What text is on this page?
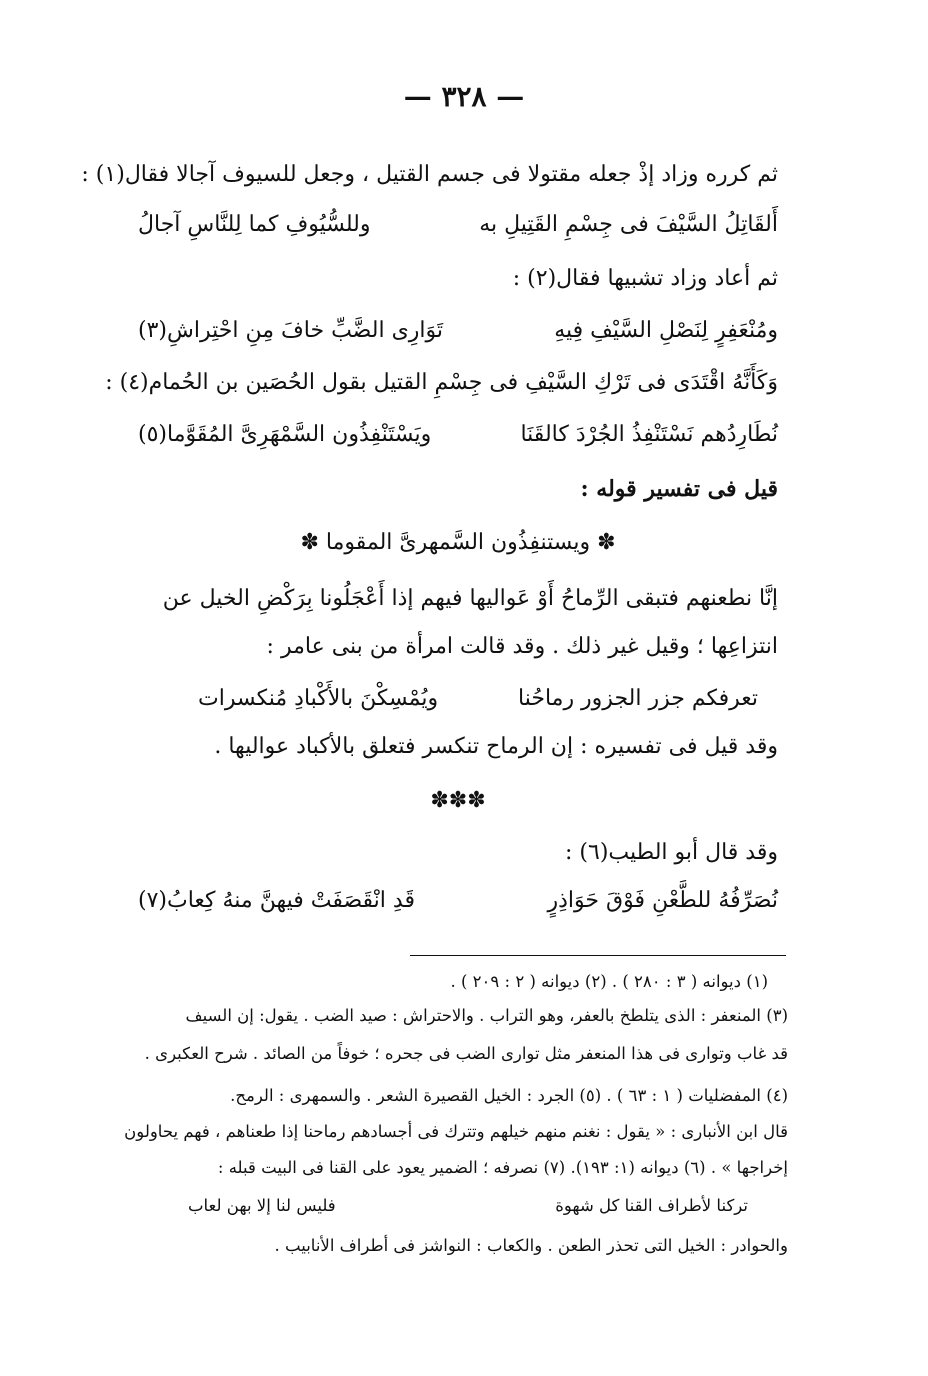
— ٣٢٨ —
ثم كرره وزاد إذْ جعله مقتولا فى جسم القتيل ، وجعل للسيوف آجالا فقال(١) :
أَلقَاتِلُ السَّيْفَ فى جِسْمِ القَتِيلِ به
وللسُّيُوفِ كما لِلنَّاسِ آجالُ
ثم أعاد وزاد تشبيها فقال(٢) :
ومُنْعَفِرٍ لِنَصْلِ السَّيْفِ فِيهِ
تَوَارِى الضَّبِّ خافَ مِنِ احْتِراشِ(٣)
وَكَأَنَّهُ اقْتَدَى فى تَرْكِ السَّيْفِ فى جِسْمِ القتيل بقول الحُصَين بن الحُمام(٤) :
نُطَارِدُهم نَسْتَنْفِذُ الجُرْدَ كالقَنَا
ويَسْتَنْفِذُون السَّمْهَرِىَّ المُقَوَّما(٥)
قيل فى تفسير قوله :
✽ ويستنفِذُون السَّمهرىَّ المقوما ✽
إنَّا نطعنهم فتبقى الرِّماحُ أَوْ عَواليها فيهم إذا أَعْجَلُونا بِرَكْضِ الخيل عن
انتزاعِها ؛ وقيل غير ذلك . وقد قالت امرأة من بنى عامر :
تعرفكم جزر الجزور رماحُنا
ويُمْسِكْنَ بالأَكْبادِ مُنكسرات
وقد قيل فى تفسيره : إن الرماح تنكسر فتعلق بالأكباد عواليها .
✽✽✽
وقد قال أبو الطيب(٦) :
نُصَرِّفُهُ للطَّعْنِ فَوْقَ حَوَاذِرٍ
قَدِ انْقَصَفَتْ فيهنَّ منهُ كِعابُ(٧)
(١) ديوانه ( ٣ : ٢٨٠ ) . (٢) ديوانه ( ٢ : ٢٠٩ ) .
(٣) المنعفر : الذى يتلطخ بالعفر، وهو التراب . والاحتراش : صيد الضب . يقول: إن السيف
قد غاب وتوارى فى هذا المنعفر مثل توارى الضب فى جحره ؛ خوفاً من الصائد . شرح العكبرى .
(٤) المفضليات ( ١ : ٦٣ ) . (٥) الجرد : الخيل القصيرة الشعر . والسمهرى : الرمح.
قال ابن الأنبارى : « يقول : نغنم منهم خيلهم وتترك فى أجسادهم رماحنا إذا طعناهم ، فهم يحاولون
إخراجها » . (٦) ديوانه (١: ١٩٣). (٧) نصرفه ؛ الضمير يعود على القنا فى البيت قبله :
تركنا لأطراف القنا كل شهوة
فليس لنا إلا بهن لعاب
والحوادر : الخيل التى تحذر الطعن . والكعاب : النواشز فى أطراف الأنابيب .
